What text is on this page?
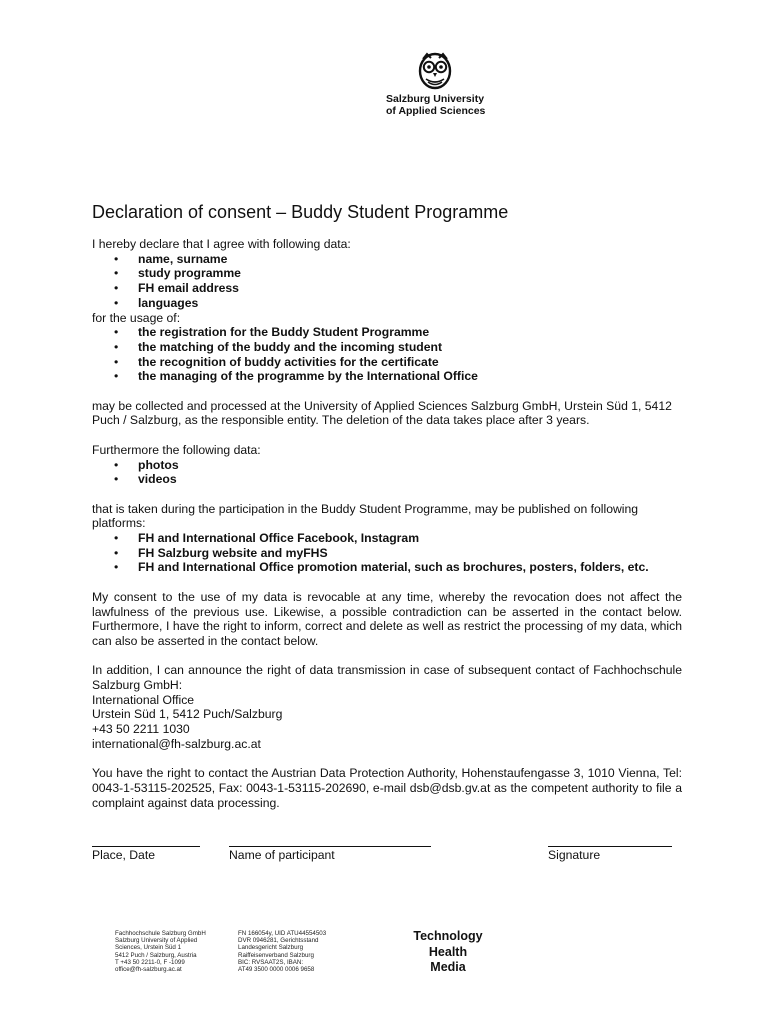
Salzburg University
of Applied Sciences
Declaration of consent – Buddy Student Programme

I hereby declare that I agree with following data:

• name, surname
• study programme
• FH email address
• languages

for the usage of:

• the registration for the Buddy Student Programme
• the matching of the buddy and the incoming student
• the recognition of buddy activities for the certificate
• the managing of the programme by the International Office

may be collected and processed at the University of Applied Sciences Salzburg GmbH, Urstein Süd 1, 5412 Puch / Salzburg, as the responsible entity. The deletion of the data takes place after 3 years.

Furthermore the following data:

• photos
• videos

that is taken during the participation in the Buddy Student Programme, may be published on following platforms:

• FH and International Office Facebook, Instagram
• FH Salzburg website and myFHS
• FH and International Office promotion material, such as brochures, posters, folders, etc.

My consent to the use of my data is revocable at any time, whereby the revocation does not affect the lawfulness of the previous use. Likewise, a possible contradiction can be asserted in the contact below. Furthermore, I have the right to inform, correct and delete as well as restrict the processing of my data, which can also be asserted in the contact below.

In addition, I can announce the right of data transmission in case of subsequent contact of Fachhochschule Salzburg GmbH:

International Office

Urstein Süd 1, 5412 Puch/Salzburg

+43 50 2211 1030

international@fh-salzburg.ac.at

You have the right to contact the Austrian Data Protection Authority, Hohenstaufengasse 3, 1010 Vienna, Tel: 0043-1-53115-202525, Fax: 0043-1-53115-202690, e-mail dsb@dsb.gv.at as the competent authority to file a complaint against data processing.

Place, Date	Name of participant	Signature
Fachhochschule Salzburg GmbH
Salzburg University of Applied
Sciences, Urstein Süd 1
5412 Puch / Salzburg, Austria
T +43 50 2211-0, F -1099
office@fh-salzburg.ac.at
FN 166054y, UID ATU44554503
DVR 0946281, Gerichtsstand
Landesgericht Salzburg
Raiffeisenverband Salzburg
BIC: RVSAAT2S, IBAN:
AT49 3500 0000 0006 9658
Technology
Health
Media
